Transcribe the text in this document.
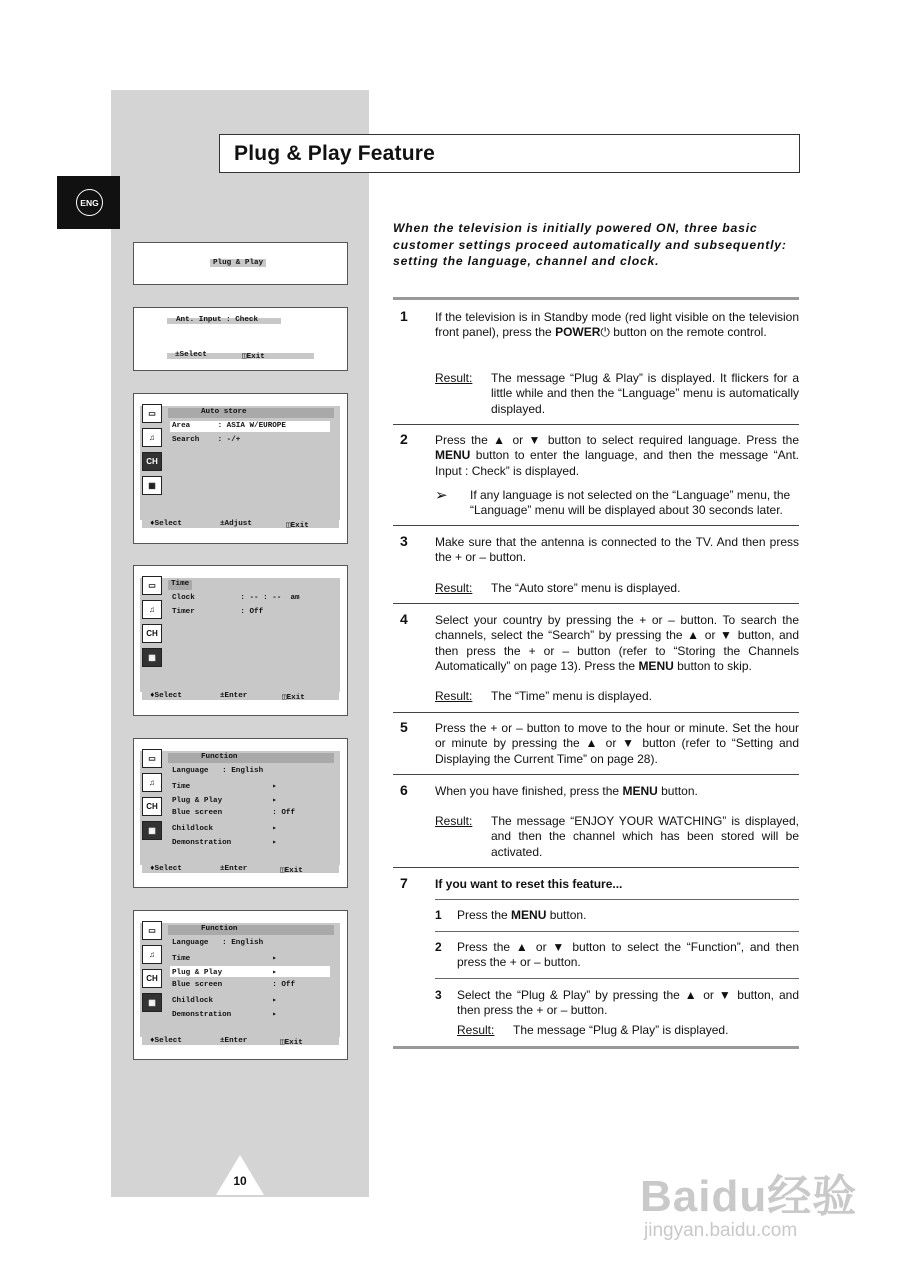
ENG
Plug & Play Feature
Plug & Play
Ant. Input : Check
±Select	◫Exit
Auto store
Area      : ASIA W/EUROPE
Search    : -/+
▭
♫
CH
▦
♦Select	±Adjust	◫Exit
Time
Clock          : -- : --  am
Timer          : Off
▭
♫
CH
▦
♦Select	±Enter	◫Exit
Function
Language   : English
Time                  ▸
Plug & Play           ▸
Blue screen           : Off
Childlock             ▸
Demonstration         ▸
▭
♫
CH
▦
♦Select	±Enter	◫Exit
Function
Language   : English
Time                  ▸
Plug & Play           ▸
Blue screen           : Off
Childlock             ▸
Demonstration         ▸
▭
♫
CH
▦
♦Select	±Enter	◫Exit
When the television is initially powered ON, three basic customer settings proceed automatically and subsequently: setting the language, channel and clock.
1 If the television is in Standby mode (red light visible on the television front panel), press the POWER⏻ button on the remote control.
Result: The message “Plug & Play” is displayed. It flickers for a little while and then the “Language” menu is automatically displayed.
2 Press the ▲ or ▼ button to select required language. Press the MENU button to enter the language, and then the message “Ant. Input : Check” is displayed.
➢ If any language is not selected on the “Language” menu, the “Language” menu will be displayed about 30 seconds later.
3 Make sure that the antenna is connected to the TV. And then press the + or – button.
Result: The “Auto store” menu is displayed.
4 Select your country by pressing the + or – button. To search the channels, select the “Search” by pressing the ▲ or ▼ button, and then press the + or – button (refer to “Storing the Channels Automatically” on page 13). Press the MENU button to skip.
Result: The “Time” menu is displayed.
5 Press the + or – button to move to the hour or minute. Set the hour or minute by pressing the ▲ or ▼ button (refer to “Setting and Displaying the Current Time” on page 28).
6 When you have finished, press the MENU button.
Result: The message “ENJOY YOUR WATCHING” is displayed, and then the channel which has been stored will be activated.
7 If you want to reset this feature...
1 Press the MENU button.
2 Press the ▲ or ▼ button to select the “Function”, and then press the + or – button.
3 Select the “Plug & Play” by pressing the ▲ or ▼ button, and then press the + or – button.
Result: The message “Plug & Play” is displayed.
10	Baidu经验
jingyan.baidu.com
